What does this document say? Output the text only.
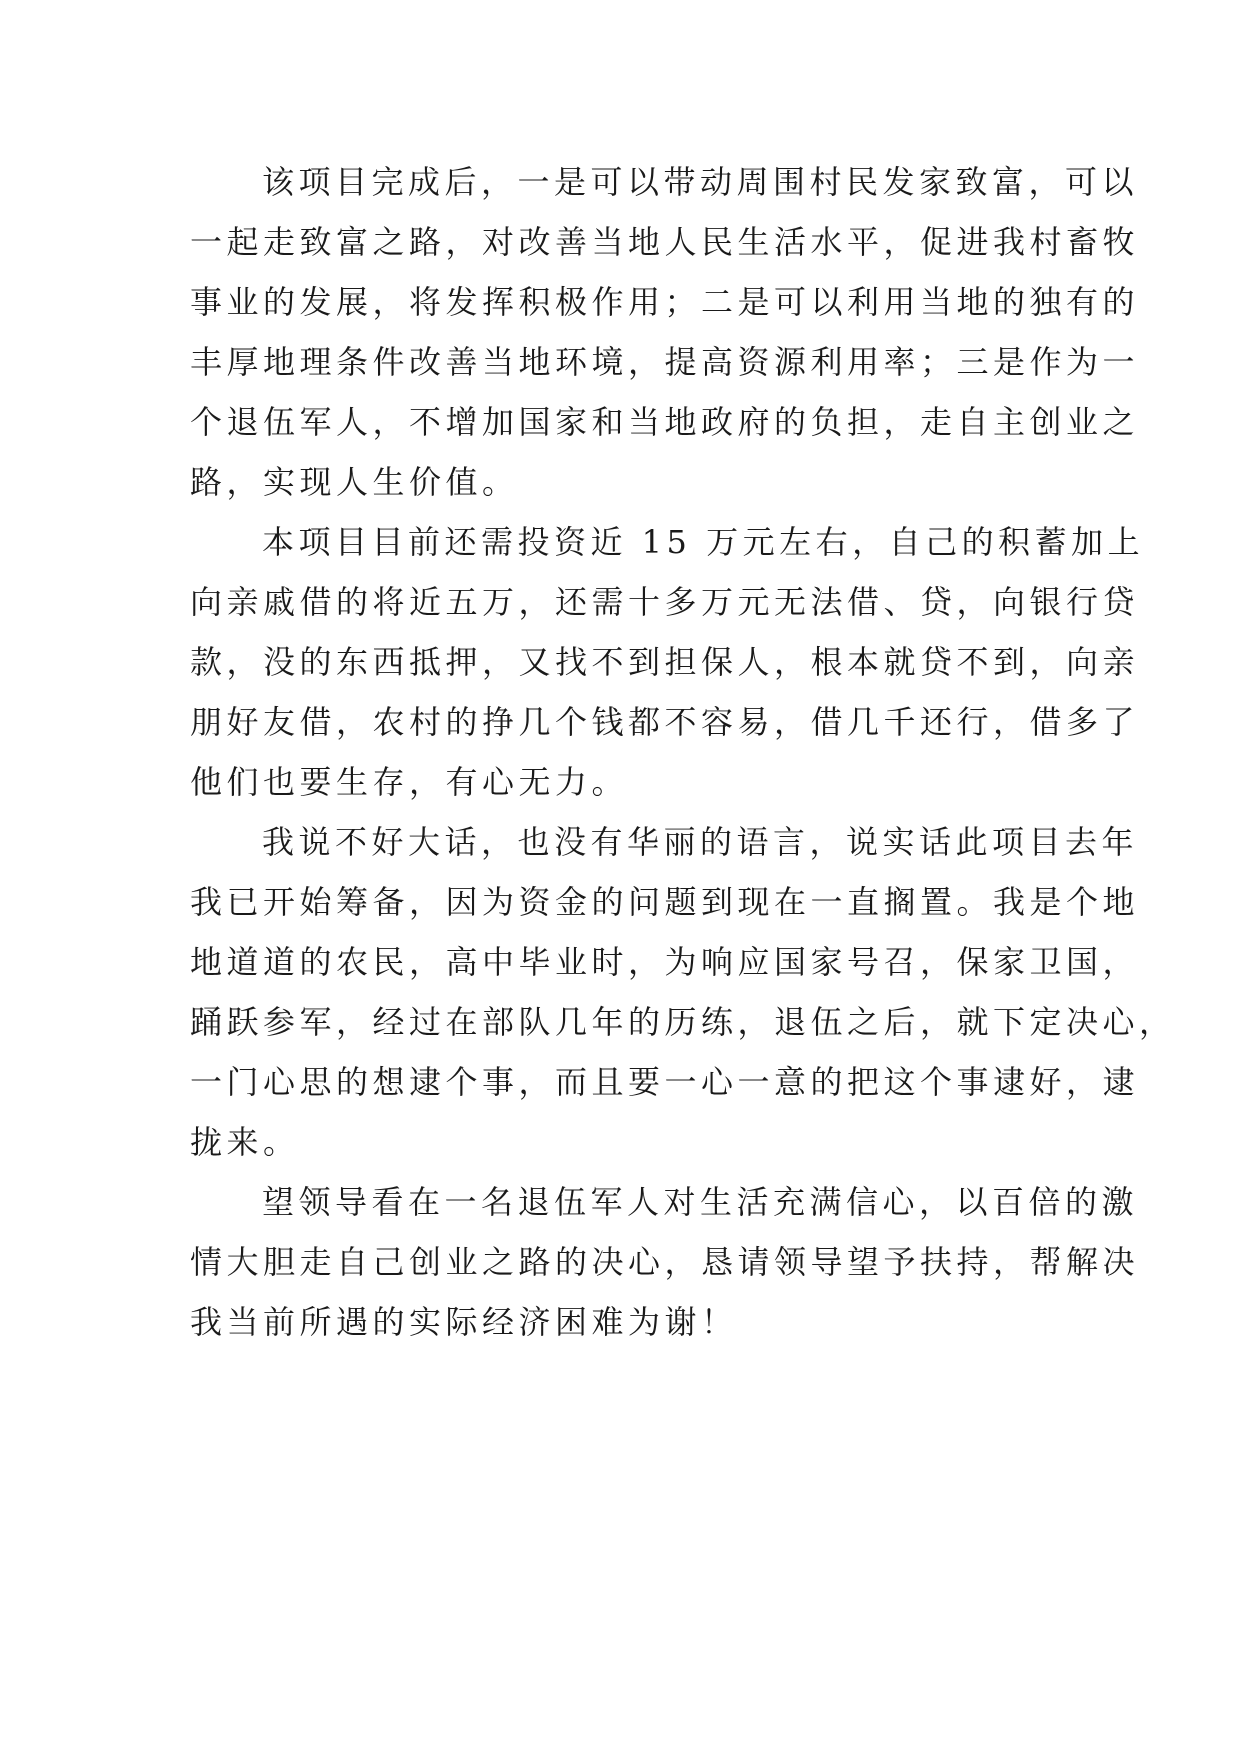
该项目完成后，一是可以带动周围村民发家致富，可以
一起走致富之路，对改善当地人民生活水平，促进我村畜牧
事业的发展，将发挥积极作用；二是可以利用当地的独有的
丰厚地理条件改善当地环境，提高资源利用率；三是作为一
个退伍军人，不增加国家和当地政府的负担，走自主创业之
路，实现人生价值。
本项目目前还需投资近 15 万元左右，自己的积蓄加上
向亲戚借的将近五万，还需十多万元无法借、贷，向银行贷
款，没的东西抵押，又找不到担保人，根本就贷不到，向亲
朋好友借，农村的挣几个钱都不容易，借几千还行，借多了
他们也要生存，有心无力。
我说不好大话，也没有华丽的语言，说实话此项目去年
我已开始筹备，因为资金的问题到现在一直搁置。我是个地
地道道的农民，高中毕业时，为响应国家号召，保家卫国，
踊跃参军，经过在部队几年的历练，退伍之后，就下定决心，
一门心思的想逮个事，而且要一心一意的把这个事逮好，逮
拢来。
望领导看在一名退伍军人对生活充满信心，以百倍的激
情大胆走自己创业之路的决心，恳请领导望予扶持，帮解决
我当前所遇的实际经济困难为谢！
